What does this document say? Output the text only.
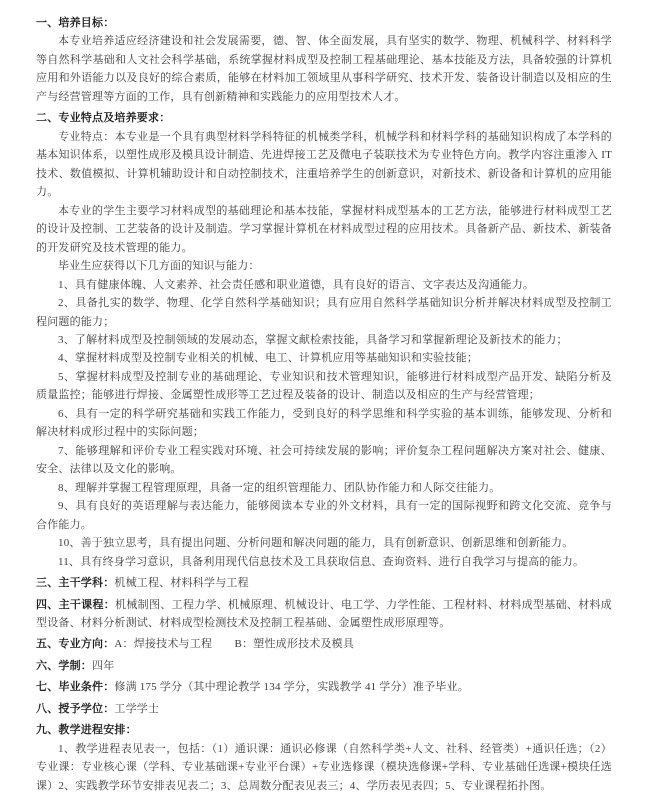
一、培养目标：

本专业培养适应经济建设和社会发展需要，德、智、体全面发展，具有坚实的数学、物理、机械科学、材料科学等自然科学基础和人文社会科学基础，系统掌握材料成型及控制工程基础理论、基本技能及方法，具备较强的计算机应用和外语能力以及良好的综合素质，能够在材料加工领域里从事科学研究、技术开发、装备设计制造以及相应的生产与经营管理等方面的工作，具有创新精神和实践能力的应用型技术人才。

二、专业特点及培养要求：

专业特点：本专业是一个具有典型材料学科特征的机械类学科，机械学科和材料学科的基础知识构成了本学科的基本知识体系，以塑性成形及模具设计制造、先进焊接工艺及微电子装联技术为专业特色方向。教学内容注重渗入 IT 技术、数值模拟、计算机辅助设计和自动控制技术，注重培养学生的创新意识，对新技术、新设备和计算机的应用能力。

本专业的学生主要学习材料成型的基础理论和基本技能，掌握材料成型基本的工艺方法，能够进行材料成型工艺的设计及控制、工艺装备的设计及制造。学习掌握计算机在材料成型过程的应用技术。具备新产品、新技术、新装备的开发研究及技术管理的能力。

毕业生应获得以下几方面的知识与能力：

1、具有健康体魄、人文素养、社会责任感和职业道德，具有良好的语言、文字表达及沟通能力。

2、具备扎实的数学、物理、化学自然科学基础知识；具有应用自然科学基础知识分析并解决材料成型及控制工程问题的能力；

3、了解材料成型及控制领域的发展动态，掌握文献检索技能，具备学习和掌握新理论及新技术的能力；

4、掌握材料成型及控制专业相关的机械、电工、计算机应用等基础知识和实验技能；

5、掌握材料成型及控制专业的基础理论、专业知识和技术管理知识，能够进行材料成型产品开发、缺陷分析及质量监控；能够进行焊接、金属塑性成形等工艺过程及装备的设计、制造以及相应的生产与经营管理；

6、具有一定的科学研究基础和实践工作能力，受到良好的科学思维和科学实验的基本训练，能够发现、分析和解决材料成形过程中的实际问题；

7、能够理解和评价专业工程实践对环境、社会可持续发展的影响；评价复杂工程问题解决方案对社会、健康、安全、法律以及文化的影响。

8、理解并掌握工程管理原理，具备一定的组织管理能力、团队协作能力和人际交往能力。

9、具有良好的英语理解与表达能力，能够阅读本专业的外文材料，具有一定的国际视野和跨文化交流、竞争与合作能力。

10、善于独立思考，具有提出问题、分析问题和解决问题的能力，具有创新意识、创新思维和创新能力。

11、具有终身学习意识，具备利用现代信息技术及工具获取信息、查询资料、进行自我学习与提高的能力。

三、主干学科：机械工程、材料科学与工程

四、主干课程：机械制图、工程力学、机械原理、机械设计、电工学、力学性能、工程材料、材料成型基础、材料成型设备、材料分析测试、材料成型检测技术及控制工程基础、金属塑性成形原理等。

五、专业方向：A：焊接技术与工程　　B：塑性成形技术及模具

六、学制：四年

七、毕业条件：修满 175 学分（其中理论教学 134 学分，实践教学 41 学分）准予毕业。

八、授予学位：工学学士

九、教学进程安排：

1、教学进程表见表一，包括：（1）通识课：通识必修课（自然科学类+人文、社科、经管类）+通识任选；（2）专业课：专业核心课（学科、专业基础课+专业平台课）+专业选修课（模块选修课+学科、专业基础任选课+模块任选课）2、实践教学环节安排表见表二；3、总周数分配表见表三；4、学历表见表四；5、专业课程拓扑图。
